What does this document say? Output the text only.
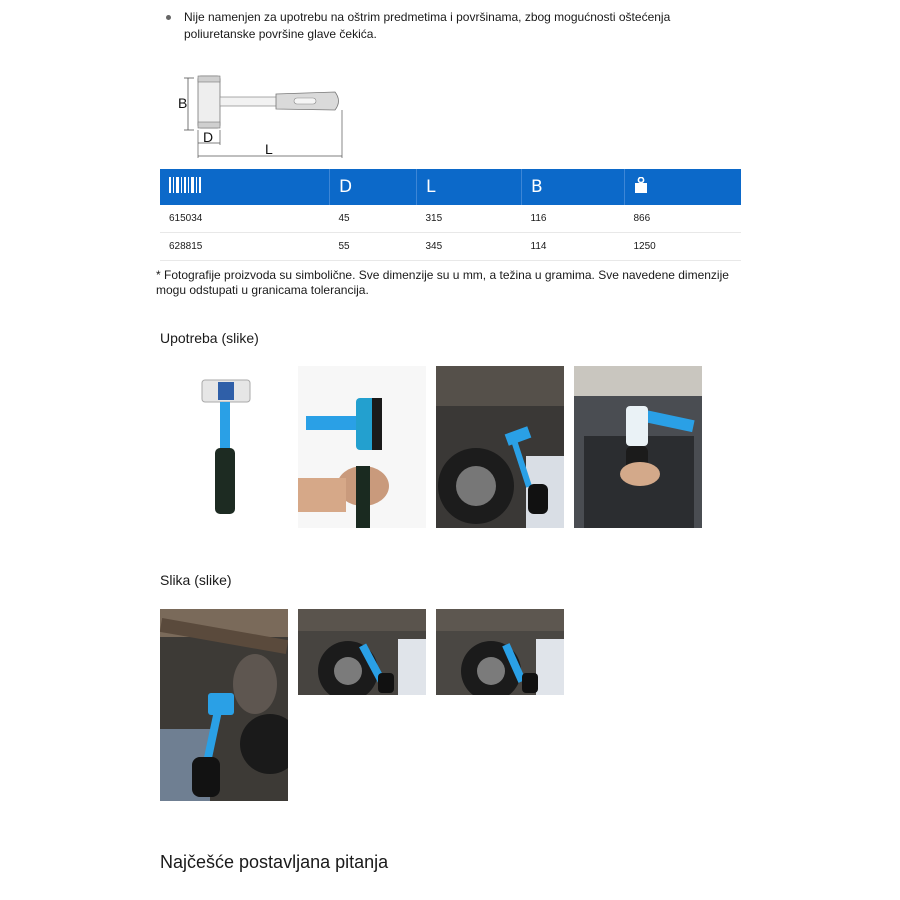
Nije namenjen za upotrebu na oštrim predmetima i površinama, zbog mogućnosti oštećenja poliuretanske površine glave čekića.
B
D
L
	D	L	B	
615034	45	315	116	866
628815	55	345	114	1250
* Fotografije proizvoda su simbolične. Sve dimenzije su u mm, a težina u gramima. Sve navedene dimenzije mogu odstupati u granicama tolerancija.
Upotreba (slike)
Slika (slike)
Najčešće postavljana pitanja
